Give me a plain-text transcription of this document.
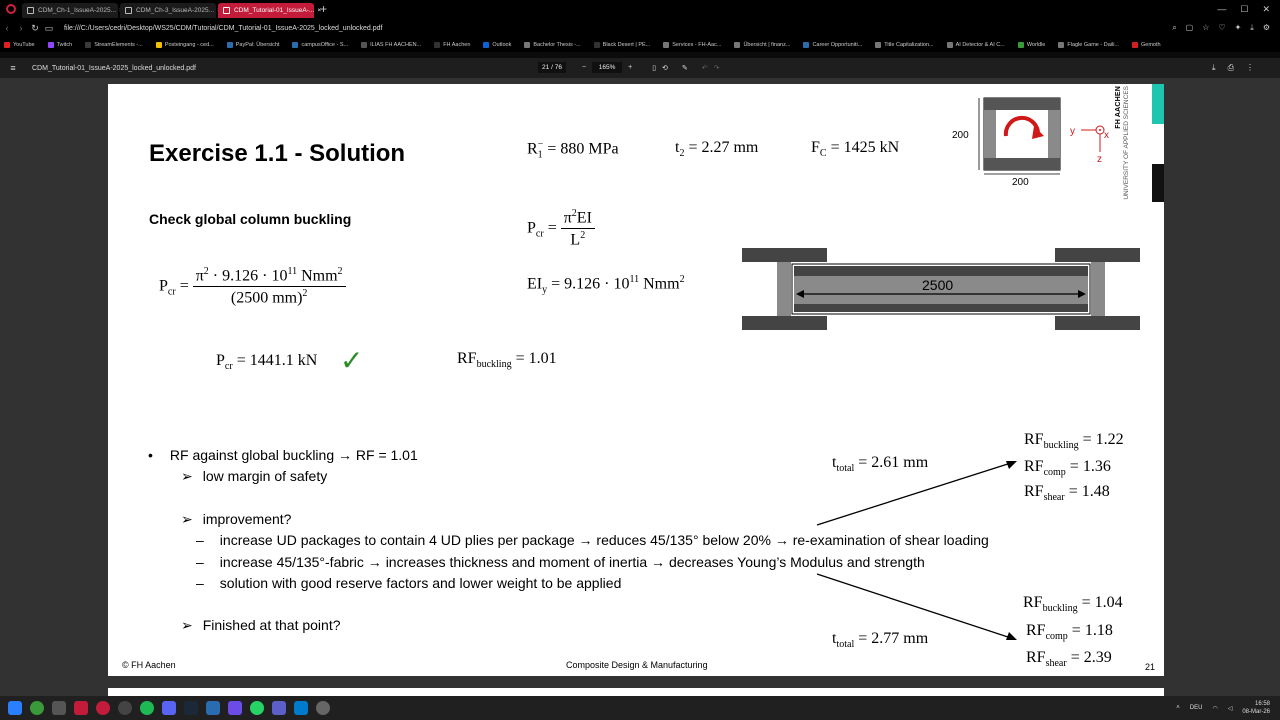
CDM_Ch-1_IssueA-2025...	CDM_Ch-3_IssueA-2025...	CDM_Tutorial-01_IssueA-... ×
+	— ☐ ✕
‹	› ↻ ▭	file:///C:/Users/cedri/Desktop/WS25/CDM/Tutorial/CDM_Tutorial-01_IssueA-2025_locked_unlocked.pdf	⌕ ▢ ☆ ♡ ✦ ⤓ ⚙
YouTube	Twitch	StreamElements -...	Posteingang - ced...	PayPal: Übersicht	campusOffice - S...	ILIAS FH AACHEN...	FH Aachen	Outlook	Bachelor Thesis -...	Black Desert | PE...	Services - FH-Aac...	Übersicht | finanz...	Career Opportuniti...	Title Capitalization...	AI Detector & AI C...	Worldle	Flagle Game - Daili...	Gemoth
≡	CDM_Tutorial-01_IssueA-2025_locked_unlocked.pdf	21
/ 76	−	165%	+	▯ ⟲ ✎ ↶ ↷	⤓ ⎙ ⋮
Exercise 1.1 - Solution	$R_1^- = 880$ MPa	$t_2 = 2.27$ mm	$F_C = 1425$ kN
200
200
y	x
z
FH AACHEN UNIVERSITY OF APPLIED SCIENCES
Check global column buckling
$P_{cr} = \frac{\pi^2EI}{L^2}$
$P_{cr} = \frac{\pi^2 \cdot 9.126 \cdot 10^{11} Nmm^2}{(2500 mm)^2}$	$EI_y = 9.126 \cdot 10^{11}$ Nmm$^2$	2500
$P_{cr} = 1441.1$ kN ✓	$RF_{buckling} = 1.01$
• RF against global buckling → RF = 1.01
➢ low margin of safety
➢ improvement?
– increase UD packages to contain 4 UD plies per package → reduces 45/135° below 20% → re-examination of shear loading
– increase 45/135°-fabric → increases thickness and moment of inertia → decreases Young’s Modulus and strength
– solution with good reserve factors and lower weight to be applied
➢ Finished at that point?
$t_{total} = 2.61$ mm
$RF_{buckling} = 1.22$
$RF_{comp} = 1.36$
$RF_{shear} = 1.48$
$t_{total} = 2.77$ mm
$RF_{buckling} = 1.04$
$RF_{comp} = 1.18$
$RF_{shear} = 2.39$
© FH Aachen	Composite Design & Manufacturing	21
˄ DEU ◠ ◁
16:58
08-Mar-26
